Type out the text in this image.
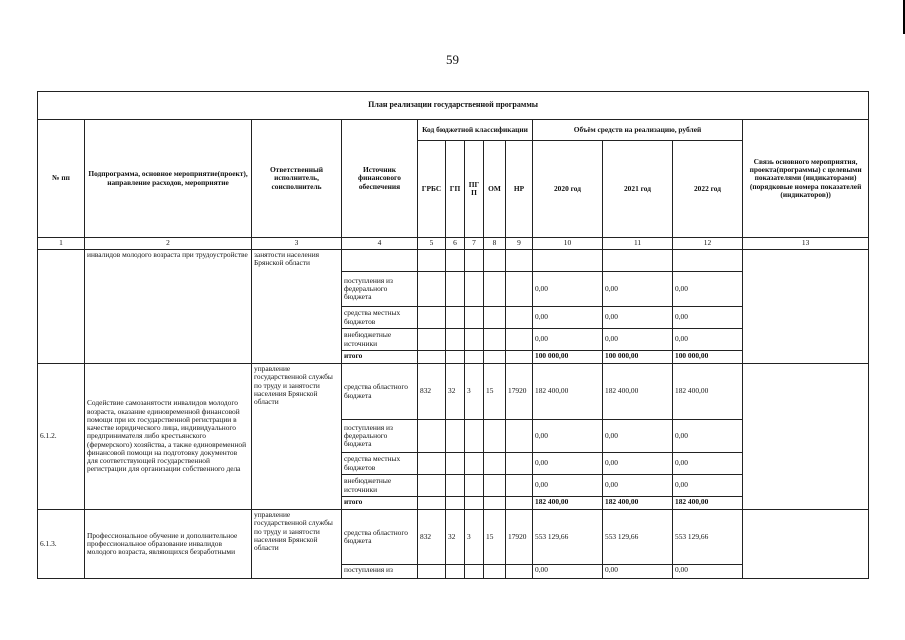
59
План реализации государственной программы												
№ пп	Подпрограмма, основное мероприятие(проект), направление расходов, мероприятие	Ответственный исполнитель, соисполнитель	Источник финансового обеспечения	Код бюджетной классификации					Объём средств на реализацию, рублей			Связь основного мероприятия, проекта(программы) с целевыми показателями (индикаторами) (порядковые номера показателей (индикаторов))
				ГРБС	ГП	ПГП	ОМ	НР	2020 год	2021 год	2022 год	
1	2	3	4	5	6	7	8	9	10	11	12	13
	инвалидов молодого возраста при трудоустройстве	занятости населения Брянской области										
			поступления из федерального бюджета						0,00	0,00	0,00	
			средства местных бюджетов						0,00	0,00	0,00	
			внебюджетные источники						0,00	0,00	0,00	
			итого						100 000,00	100 000,00	100 000,00	
6.1.2.	Содействие самозанятости инвалидов молодого возраста, оказание единовременной финансовой помощи при их государственной регистрации в качестве юридического лица, индивидуального предпринимателя либо крестьянского (фермерского) хозяйства, а также единовременной финансовой помощи на подготовку документов для соответствующей государственной регистрации для организации собственного дела	управление государственной службы по труду и занятости населения Брянской области	средства областного бюджета	832	32	3	15	17920	182 400,00	182 400,00	182 400,00	
			поступления из федерального бюджета						0,00	0,00	0,00	
			средства местных бюджетов						0,00	0,00	0,00	
			внебюджетные источники						0,00	0,00	0,00	
			итого						182 400,00	182 400,00	182 400,00	
6.1.3.	Профессиональное обучение и дополнительное профессиональное образование инвалидов молодого возраста, являющихся безработными	управление государственной службы по труду и занятости населения Брянской области	средства областного бюджета	832	32	3	15	17920	553 129,66	553 129,66	553 129,66	
			поступления из						0,00	0,00	0,00	
